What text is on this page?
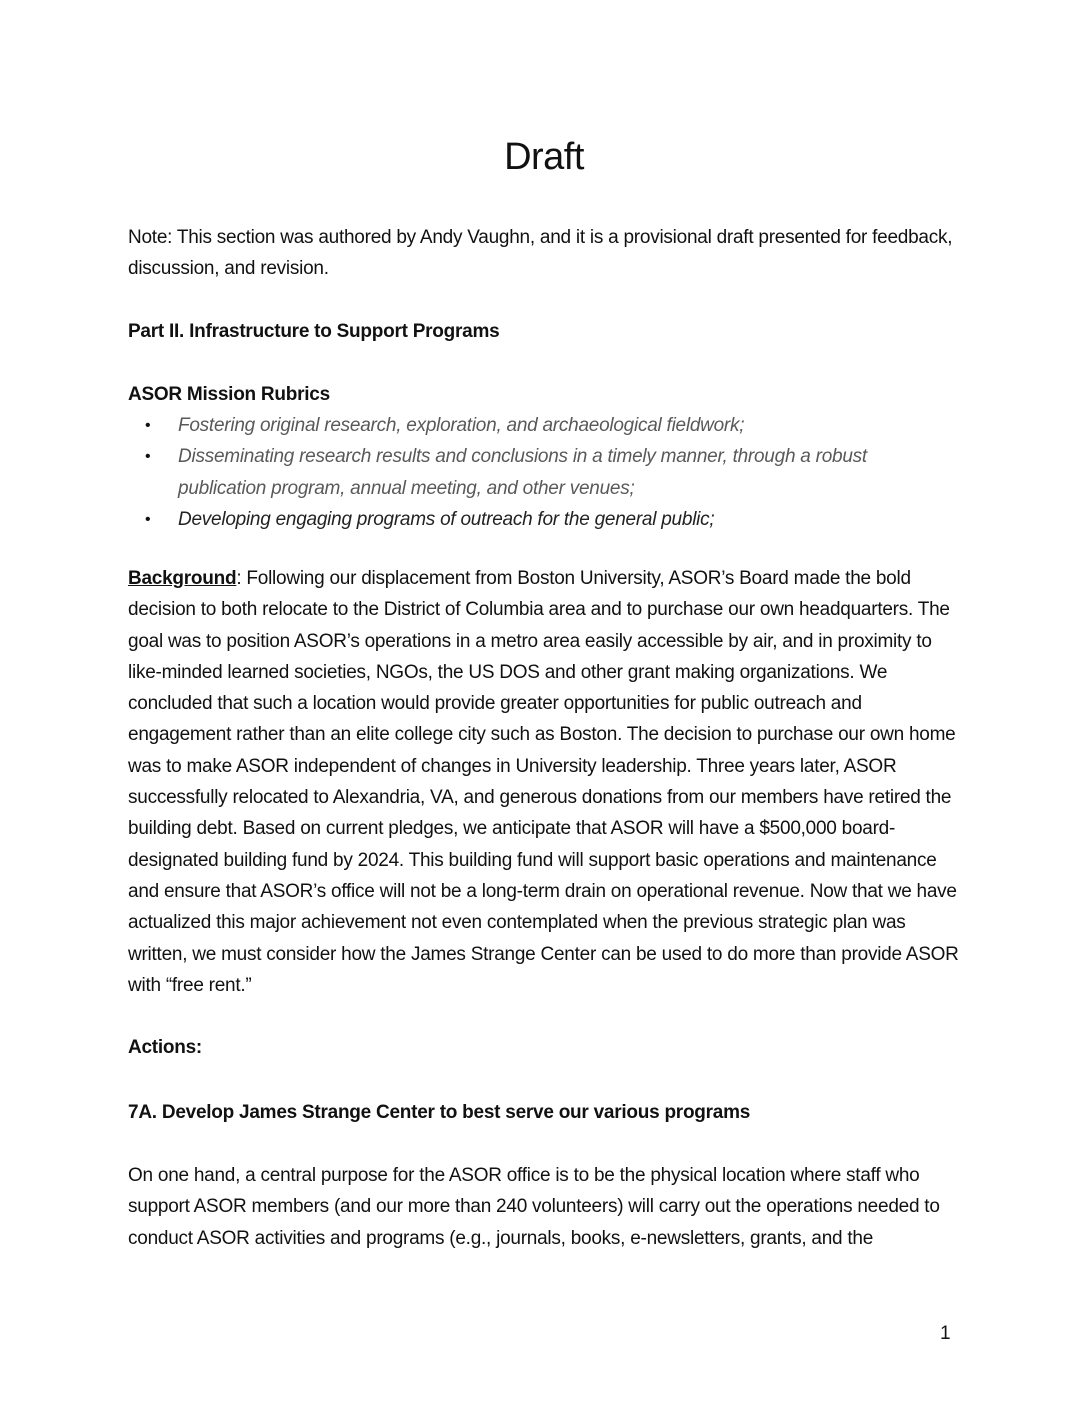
Draft

Note: This section was authored by Andy Vaughn, and it is a provisional draft presented for feedback, discussion, and revision.

Part II. Infrastructure to Support Programs
ASOR Mission Rubrics
• Fostering original research, exploration, and archaeological fieldwork;
• Disseminating research results and conclusions in a timely manner, through a robust publication program, annual meeting, and other venues;
• Developing engaging programs of outreach for the general public;

Background: Following our displacement from Boston University, ASOR’s Board made the bold decision to both relocate to the District of Columbia area and to purchase our own headquarters. The goal was to position ASOR’s operations in a metro area easily accessible by air, and in proximity to like-minded learned societies, NGOs, the US DOS and other grant making organizations. We concluded that such a location would provide greater opportunities for public outreach and engagement rather than an elite college city such as Boston. The decision to purchase our own home was to make ASOR independent of changes in University leadership. Three years later, ASOR successfully relocated to Alexandria, VA, and generous donations from our members have retired the building debt. Based on current pledges, we anticipate that ASOR will have a $500,000 board-designated building fund by 2024. This building fund will support basic operations and maintenance and ensure that ASOR’s office will not be a long-term drain on operational revenue. Now that we have actualized this major achievement not even contemplated when the previous strategic plan was written, we must consider how the James Strange Center can be used to do more than provide ASOR with “free rent.”

Actions:
7A. Develop James Strange Center to best serve our various programs

On one hand, a central purpose for the ASOR office is to be the physical location where staff who support ASOR members (and our more than 240 volunteers) will carry out the operations needed to conduct ASOR activities and programs (e.g., journals, books, e-newsletters, grants, and the

1
